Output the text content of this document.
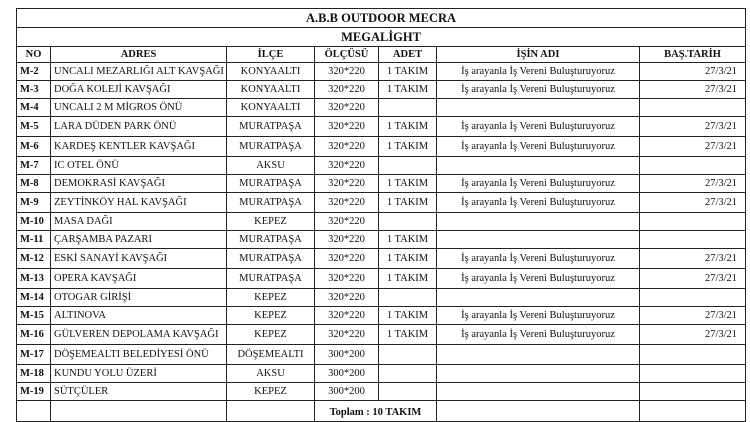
A.B.B OUTDOOR MECRA						
MEGALİGHT						
NO	ADRES	İLÇE	ÖLÇÜSÜ	ADET	İŞİN ADI	BAŞ.TARİH
M-2	UNCALI MEZARLIĞI ALT KAVŞAĞI	KONYAALTI	320*220	1 TAKIM	İş arayanla İş Vereni Buluşturuyoruz	27/3/21
M-3	DOĞA KOLEJİ KAVŞAĞI	KONYAALTI	320*220	1 TAKIM	İş arayanla İş Vereni Buluşturuyoruz	27/3/21
M-4	UNCALI 2 M MİGROS ÖNÜ	KONYAALTI	320*220			
M-5	LARA DÜDEN PARK ÖNÜ	MURATPAŞA	320*220	1 TAKIM	İş arayanla İş Vereni Buluşturuyoruz	27/3/21
M-6	KARDEŞ KENTLER KAVŞAĞI	MURATPAŞA	320*220	1 TAKIM	İş arayanla İş Vereni Buluşturuyoruz	27/3/21
M-7	IC OTEL ÖNÜ	AKSU	320*220			
M-8	DEMOKRASİ KAVŞAĞI	MURATPAŞA	320*220	1 TAKIM	İş arayanla İş Vereni Buluşturuyoruz	27/3/21
M-9	ZEYTİNKÖY HAL KAVŞAĞI	MURATPAŞA	320*220	1 TAKIM	İş arayanla İş Vereni Buluşturuyoruz	27/3/21
M-10	MASA DAĞI	KEPEZ	320*220			
M-11	ÇARŞAMBA PAZARI	MURATPAŞA	320*220	1 TAKIM		
M-12	ESKİ SANAYİ KAVŞAĞI	MURATPAŞA	320*220	1 TAKIM	İş arayanla İş Vereni Buluşturuyoruz	27/3/21
M-13	OPERA KAVŞAĞI	MURATPAŞA	320*220	1 TAKIM	İş arayanla İş Vereni Buluşturuyoruz	27/3/21
M-14	OTOGAR GİRİŞİ	KEPEZ	320*220			
M-15	ALTINOVA	KEPEZ	320*220	1 TAKIM	İş arayanla İş Vereni Buluşturuyoruz	27/3/21
M-16	GÜLVEREN DEPOLAMA KAVŞAĞI	KEPEZ	320*220	1 TAKIM	İş arayanla İş Vereni Buluşturuyoruz	27/3/21
M-17	DÖŞEMEALTI BELEDİYESİ ÖNÜ	DÖŞEMEALTI	300*200			
M-18	KUNDU YOLU ÜZERİ	AKSU	300*200			
M-19	SÜTÇÜLER	KEPEZ	300*200			
			Toplam : 10 TAKIM			
